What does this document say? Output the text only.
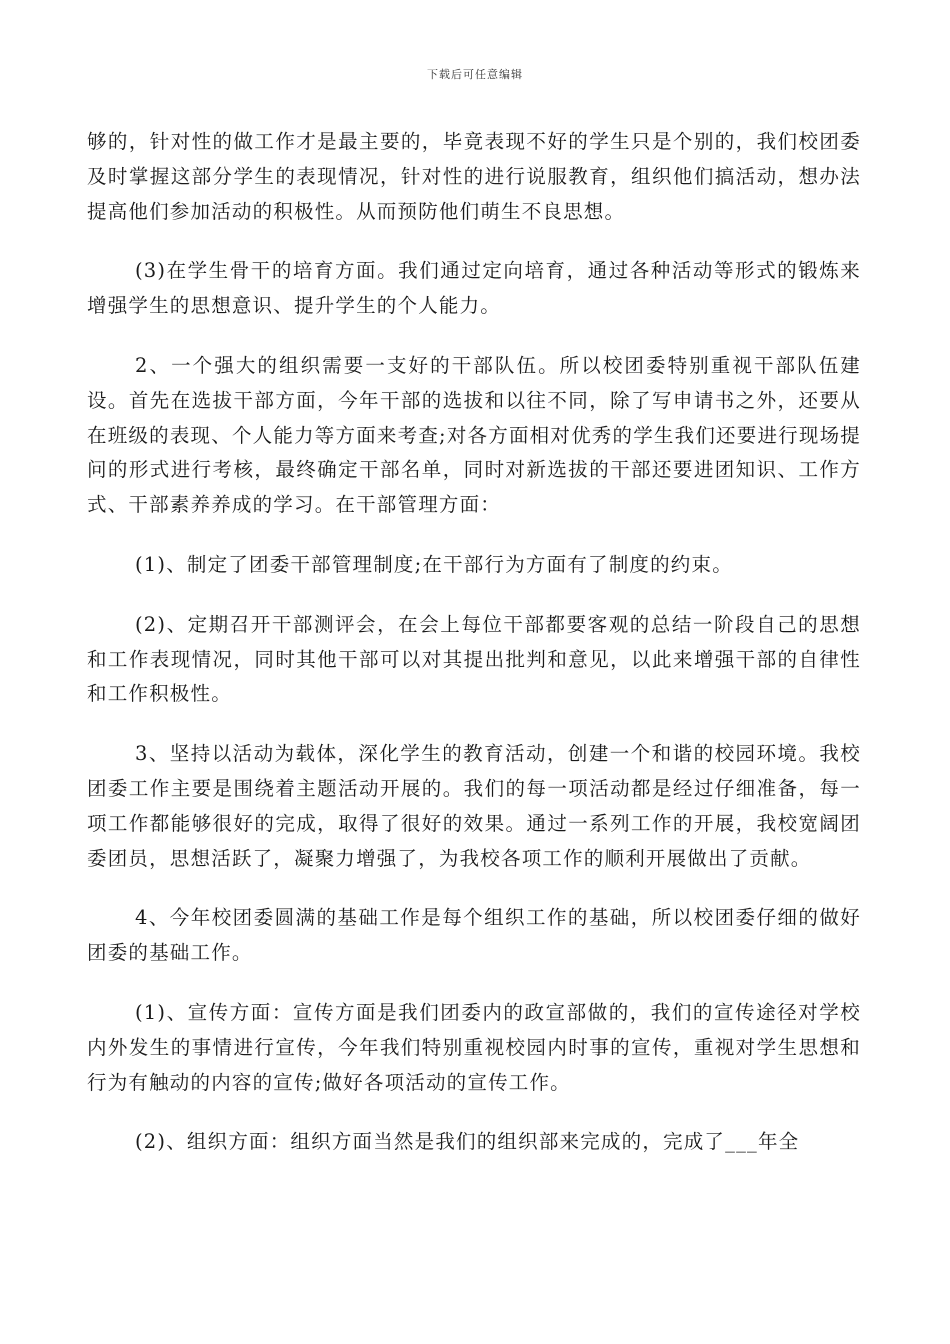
下载后可任意编辑

够的，针对性的做工作才是最主要的，毕竟表现不好的学生只是个别的，我们校团委及时掌握这部分学生的表现情况，针对性的进行说服教育，组织他们搞活动，想办法提高他们参加活动的积极性。从而预防他们萌生不良思想。

(3)在学生骨干的培育方面。我们通过定向培育，通过各种活动等形式的锻炼来增强学生的思想意识、提升学生的个人能力。

2、一个强大的组织需要一支好的干部队伍。所以校团委特别重视干部队伍建设。首先在选拔干部方面，今年干部的选拔和以往不同，除了写申请书之外，还要从在班级的表现、个人能力等方面来考查;对各方面相对优秀的学生我们还要进行现场提问的形式进行考核，最终确定干部名单，同时对新选拔的干部还要进团知识、工作方式、干部素养养成的学习。在干部管理方面：

(1)、制定了团委干部管理制度;在干部行为方面有了制度的约束。

(2)、定期召开干部测评会，在会上每位干部都要客观的总结一阶段自己的思想和工作表现情况，同时其他干部可以对其提出批判和意见，以此来增强干部的自律性和工作积极性。

3、坚持以活动为载体，深化学生的教育活动，创建一个和谐的校园环境。我校团委工作主要是围绕着主题活动开展的。我们的每一项活动都是经过仔细准备，每一项工作都能够很好的完成，取得了很好的效果。通过一系列工作的开展，我校宽阔团委团员，思想活跃了，凝聚力增强了，为我校各项工作的顺利开展做出了贡献。

4、今年校团委圆满的基础工作是每个组织工作的基础，所以校团委仔细的做好团委的基础工作。

(1)、宣传方面：宣传方面是我们团委内的政宣部做的，我们的宣传途径对学校内外发生的事情进行宣传，今年我们特别重视校园内时事的宣传，重视对学生思想和行为有触动的内容的宣传;做好各项活动的宣传工作。

(2)、组织方面：组织方面当然是我们的组织部来完成的，完成了___年全
